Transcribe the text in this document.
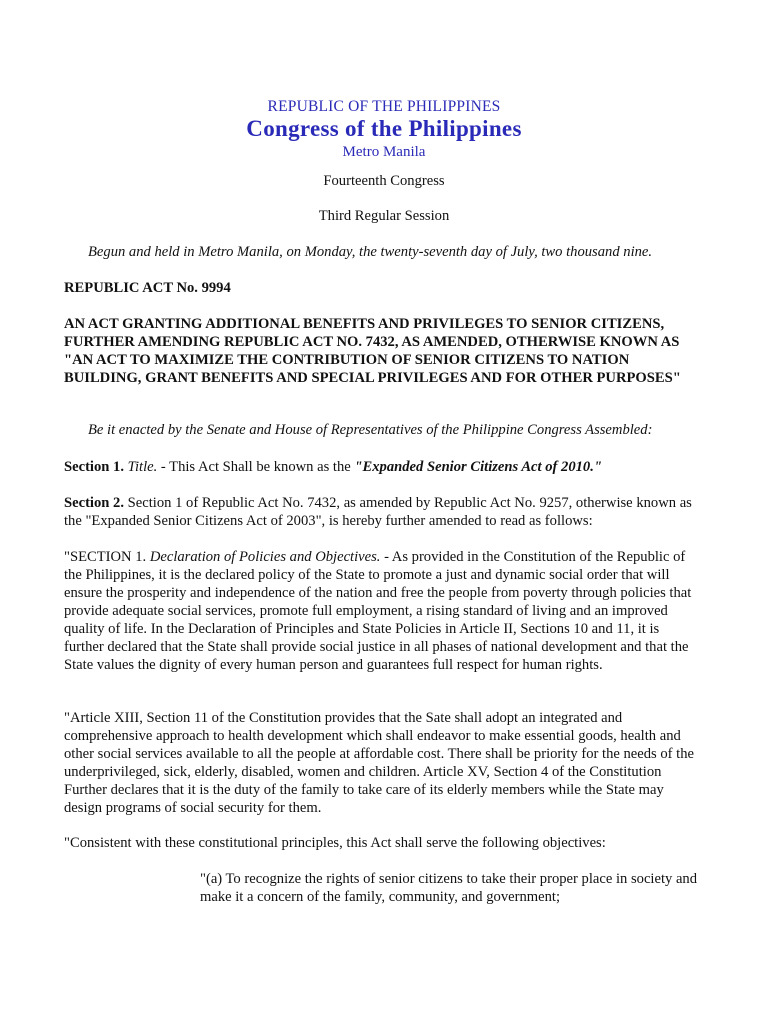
REPUBLIC OF THE PHILIPPINES
Congress of the Philippines
Metro Manila
Fourteenth Congress
Third Regular Session
Begun and held in Metro Manila, on Monday, the twenty-seventh day of July, two thousand nine.
REPUBLIC ACT No. 9994
AN ACT GRANTING ADDITIONAL BENEFITS AND PRIVILEGES TO SENIOR CITIZENS, FURTHER AMENDING REPUBLIC ACT NO. 7432, AS AMENDED, OTHERWISE KNOWN AS "AN ACT TO MAXIMIZE THE CONTRIBUTION OF SENIOR CITIZENS TO NATION BUILDING, GRANT BENEFITS AND SPECIAL PRIVILEGES AND FOR OTHER PURPOSES"
Be it enacted by the Senate and House of Representatives of the Philippine Congress Assembled:
Section 1. Title. - This Act Shall be known as the "Expanded Senior Citizens Act of 2010."
Section 2. Section 1 of Republic Act No. 7432, as amended by Republic Act No. 9257, otherwise known as the "Expanded Senior Citizens Act of 2003", is hereby further amended to read as follows:
"SECTION 1. Declaration of Policies and Objectives. - As provided in the Constitution of the Republic of the Philippines, it is the declared policy of the State to promote a just and dynamic social order that will ensure the prosperity and independence of the nation and free the people from poverty through policies that provide adequate social services, promote full employment, a rising standard of living and an improved quality of life. In the Declaration of Principles and State Policies in Article II, Sections 10 and 11, it is further declared that the State shall provide social justice in all phases of national development and that the State values the dignity of every human person and guarantees full respect for human rights.
"Article XIII, Section 11 of the Constitution provides that the Sate shall adopt an integrated and comprehensive approach to health development which shall endeavor to make essential goods, health and other social services available to all the people at affordable cost. There shall be priority for the needs of the underprivileged, sick, elderly, disabled, women and children. Article XV, Section 4 of the Constitution Further declares that it is the duty of the family to take care of its elderly members while the State may design programs of social security for them.
"Consistent with these constitutional principles, this Act shall serve the following objectives:
"(a) To recognize the rights of senior citizens to take their proper place in society and make it a concern of the family, community, and government;
